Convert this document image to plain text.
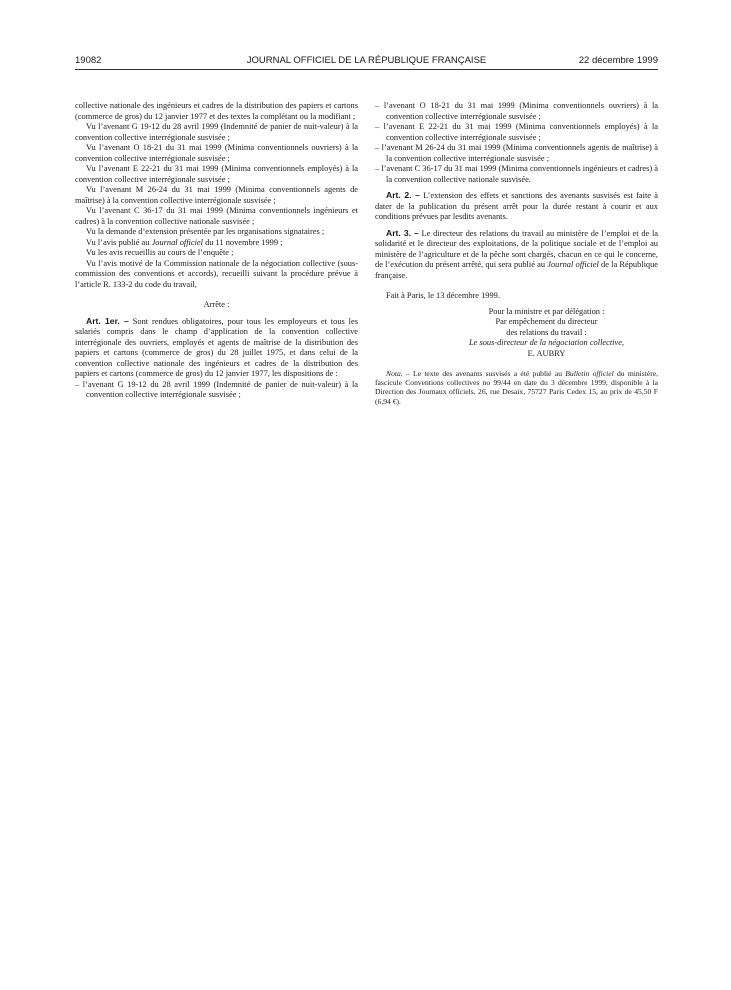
19082	JOURNAL OFFICIEL DE LA RÉPUBLIQUE FRANÇAISE	22 décembre 1999

collective nationale des ingénieurs et cadres de la distribution des papiers et cartons (commerce de gros) du 12 janvier 1977 et des textes la complétant ou la modifiant ;

Vu l’avenant G 19-12 du 28 avril 1999 (Indemnité de panier de nuit-valeur) à la convention collective interrégionale susvisée ;

Vu l’avenant O 18-21 du 31 mai 1999 (Minima conventionnels ouvriers) à la convention collective interrégionale susvisée ;

Vu l’avenant E 22-21 du 31 mai 1999 (Minima conventionnels employés) à la convention collective interrégionale susvisée ;

Vu l’avenant M 26-24 du 31 mai 1999 (Minima conventionnels agents de maîtrise) à la convention collective interrégionale susvisée ;

Vu l’avenant C 36-17 du 31 mai 1999 (Minima conventionnels ingénieurs et cadres) à la convention collective nationale susvisée ;

Vu la demande d’extension présentée par les organisations signataires ;

Vu l’avis publié au Journal officiel du 11 novembre 1999 ;

Vu les avis recueillis au cours de l’enquête ;

Vu l’avis motivé de la Commission nationale de la négociation collective (sous-commission des conventions et accords), recueilli suivant la procédure prévue à l’article R. 133-2 du code du travail,

Arrête :

Art. 1er. – Sont rendues obligatoires, pour tous les employeurs et tous les salariés compris dans le champ d’application de la convention collective interrégionale des ouvriers, employés et agents de maîtrise de la distribution des papiers et cartons (commerce de gros) du 28 juillet 1975, et dans celui de la convention collective nationale des ingénieurs et cadres de la distribution des papiers et cartons (commerce de gros) du 12 janvier 1977, les dispositions de :

– l’avenant G 19-12 du 28 avril 1999 (Indemnité de panier de nuit-valeur) à la convention collective interrégionale susvisée ;

– l’avenant O 18-21 du 31 mai 1999 (Minima conventionnels ouvriers) à la convention collective interrégionale susvisée ;

– l’avenant E 22-21 du 31 mai 1999 (Minima conventionnels employés) à la convention collective interrégionale susvisée ;

– l’avenant M 26-24 du 31 mai 1999 (Minima conventionnels agents de maîtrise) à la convention collective interrégionale susvisée ;

– l’avenant C 36-17 du 31 mai 1999 (Minima conventionnels ingénieurs et cadres) à la convention collective nationale susvisée.

Art. 2. – L’extension des effets et sanctions des avenants susvisés est faite à dater de la publication du présent arrêt pour la durée restant à courir et aux conditions prévues par lesdits avenants.

Art. 3. – Le directeur des relations du travail au ministère de l’emploi et de la solidarité et le directeur des exploitations, de la politique sociale et de l’emploi au ministère de l’agriculture et de la pêche sont chargés, chacun en ce qui le concerne, de l’exécution du présent arrêté, qui sera publié au Journal officiel de la République française.

Fait à Paris, le 13 décembre 1999.

Pour la ministre et par délégation :

Par empêchement du directeur

des relations du travail :

Le sous-directeur de la négociation collective,

E. AUBRY

Nota. – Le texte des avenants susvisés a été publié au Bulletin officiel du ministère, fascicule Conventions collectives no 99/44 en date du 3 décembre 1999, disponible à la Direction des Journaux officiels, 26, rue Desaix, 75727 Paris Cedex 15, au prix de 45,50 F (6,94 €).
